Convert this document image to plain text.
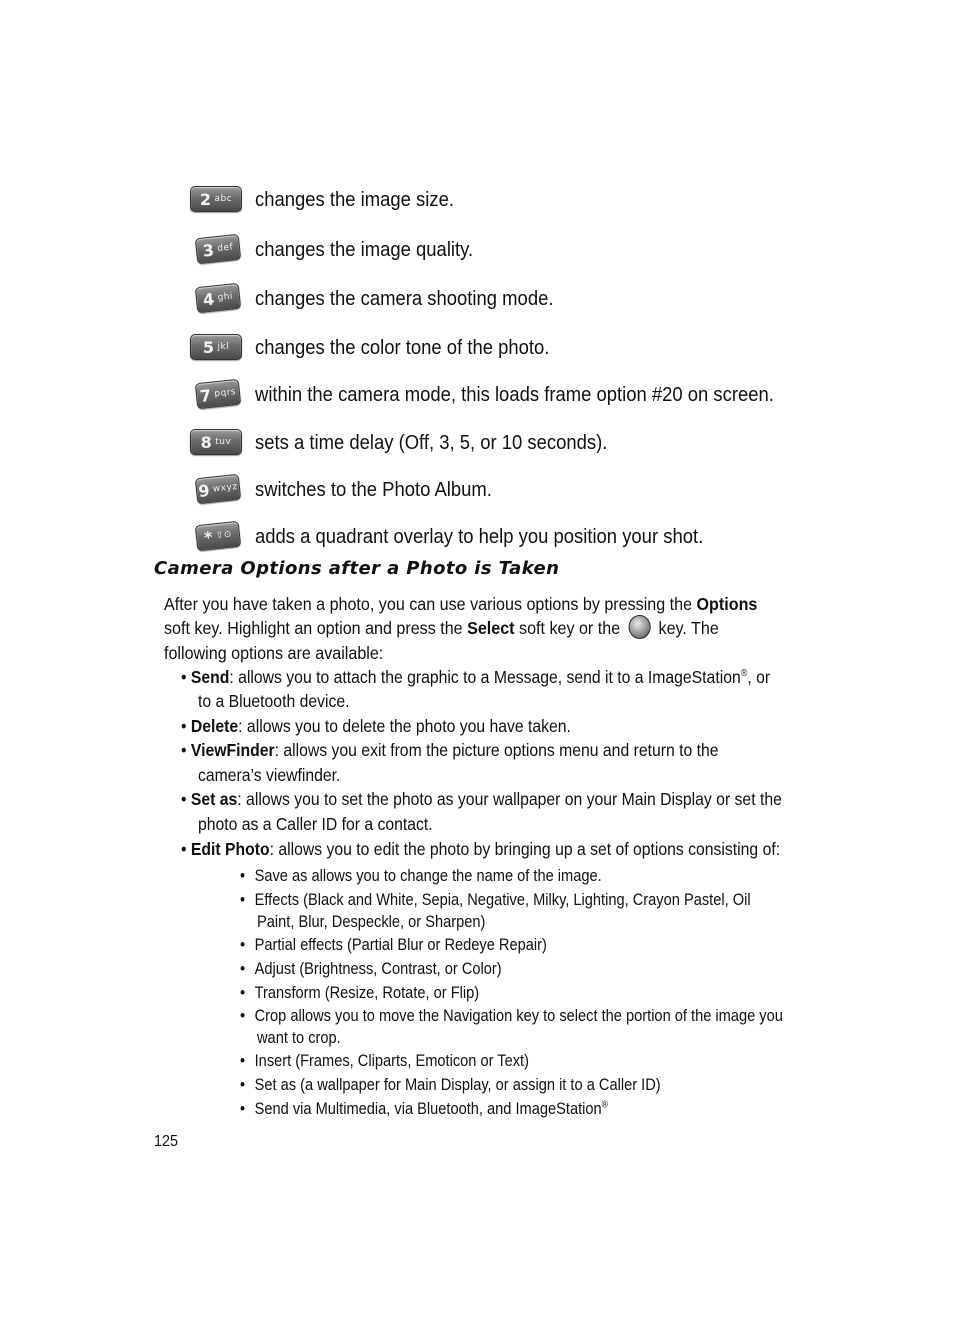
2 abc changes the image size.
3 def changes the image quality.
4 ghi changes the camera shooting mode.
5 jkl changes the color tone of the photo.
7 pqrs within the camera mode, this loads frame option #20 on screen.
8 tuv sets a time delay (Off, 3, 5, or 10 seconds).
9 wxyz switches to the Photo Album.
* ⇧⊙ adds a quadrant overlay to help you position your shot.
Camera Options after a Photo is Taken
After you have taken a photo, you can use various options by pressing the Options
soft key. Highlight an option and press the Select soft key or the  key. The
following options are available:
• Send: allows you to attach the graphic to a Message, send it to a ImageStation®, or
to a Bluetooth device.
• Delete: allows you to delete the photo you have taken.
• ViewFinder: allows you exit from the picture options menu and return to the
camera’s viewfinder.
• Set as: allows you to set the photo as your wallpaper on your Main Display or set the
photo as a Caller ID for a contact.
• Edit Photo: allows you to edit the photo by bringing up a set of options consisting of:
• Save as allows you to change the name of the image.
• Effects (Black and White, Sepia, Negative, Milky, Lighting, Crayon Pastel, Oil
Paint, Blur, Despeckle, or Sharpen)
• Partial effects (Partial Blur or Redeye Repair)
• Adjust (Brightness, Contrast, or Color)
• Transform (Resize, Rotate, or Flip)
• Crop allows you to move the Navigation key to select the portion of the image you
want to crop.
• Insert (Frames, Cliparts, Emoticon or Text)
• Set as (a wallpaper for Main Display, or assign it to a Caller ID)
• Send via Multimedia, via Bluetooth, and ImageStation®
125
